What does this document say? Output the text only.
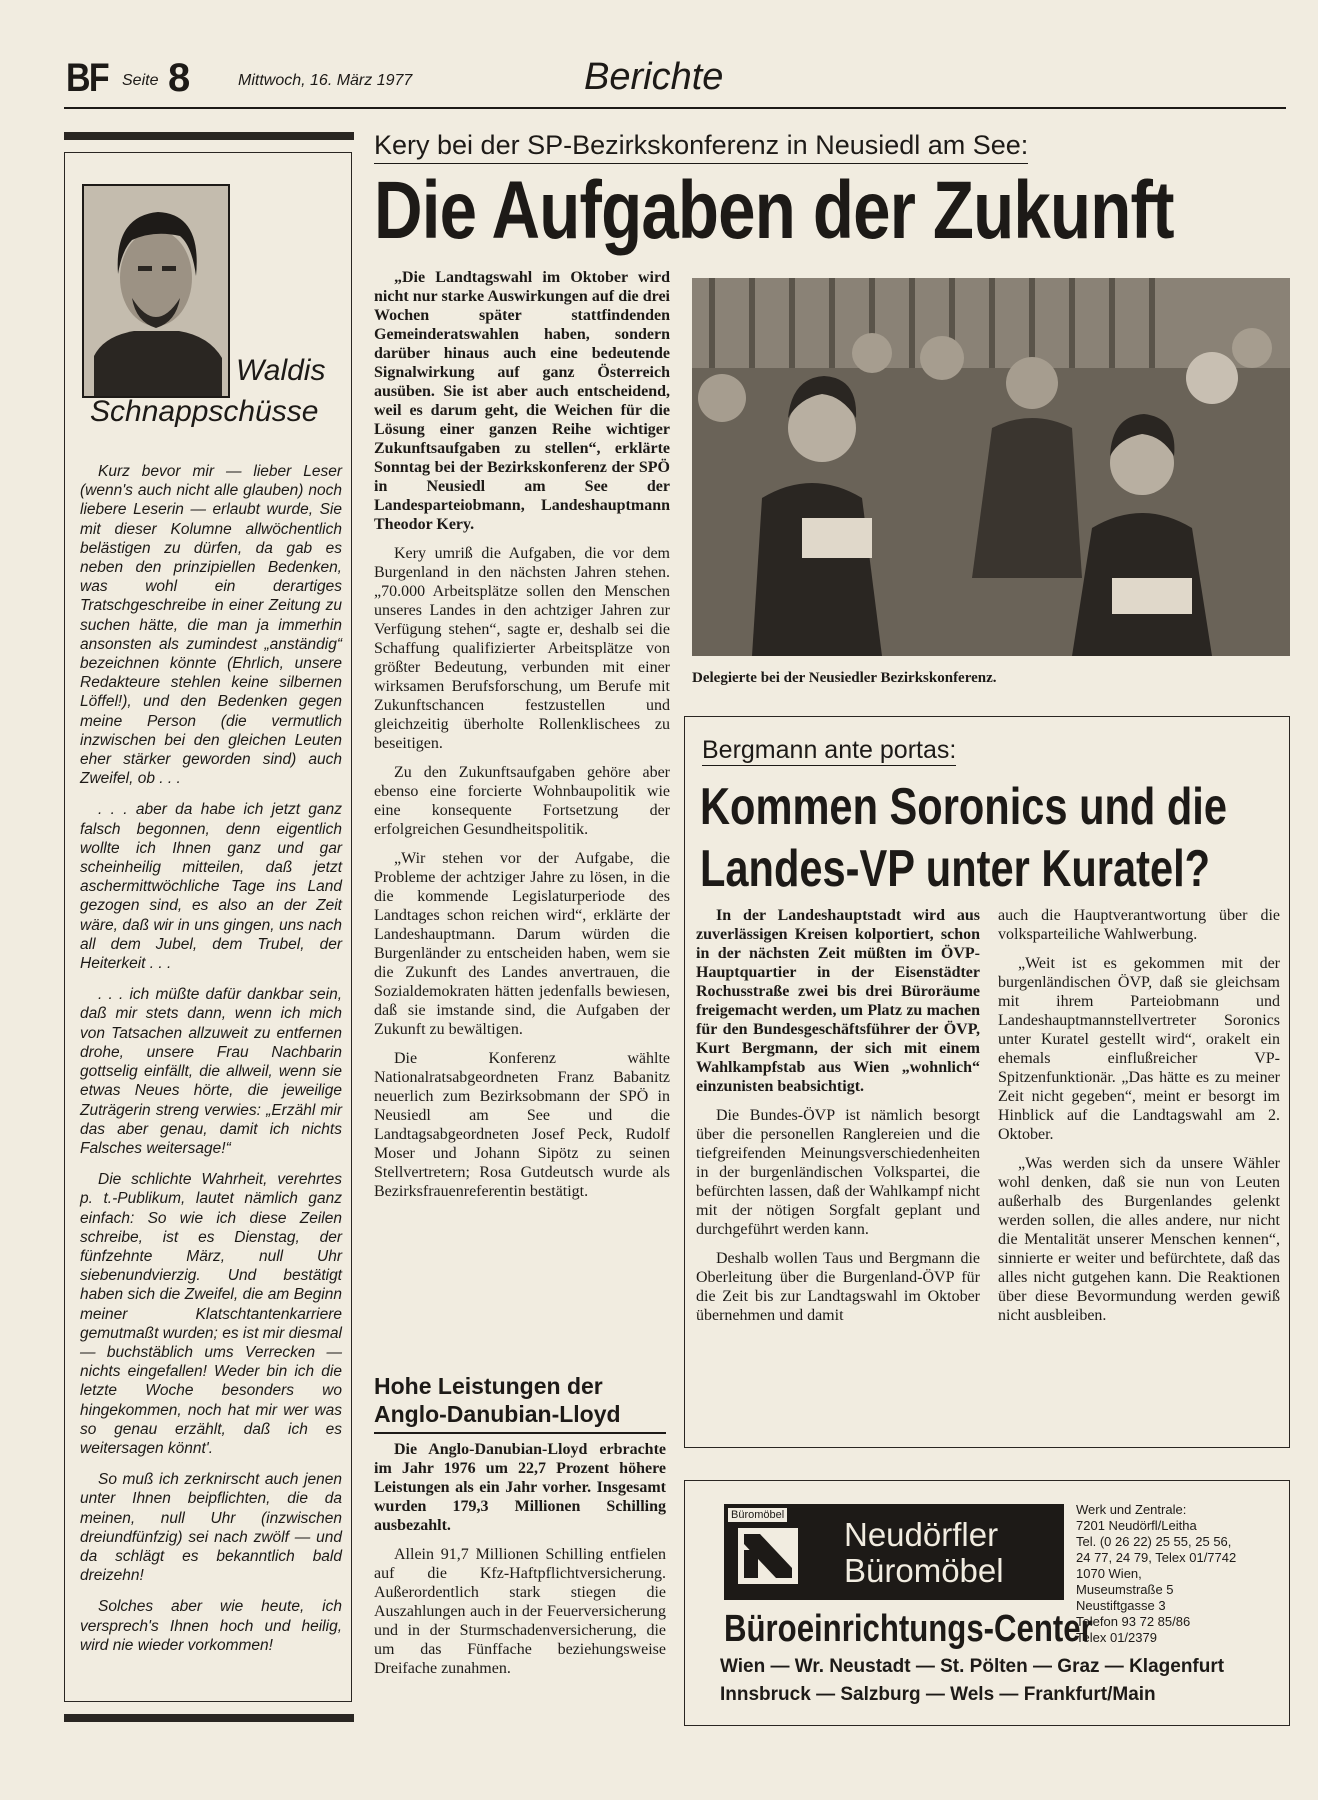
BF Seite 8	Mittwoch, 16. März 1977	Berichte
Waldis
Schnappschüsse

Kurz bevor mir — lieber Leser (wenn's auch nicht alle glauben) noch liebere Leserin — erlaubt wurde, Sie mit dieser Kolumne allwöchentlich belästigen zu dürfen, da gab es neben den prinzipiellen Bedenken, was wohl ein derartiges Tratschgeschreibe in einer Zeitung zu suchen hätte, die man ja immerhin ansonsten als zumindest „anständig“ bezeichnen könnte (Ehrlich, unsere Redakteure stehlen keine silbernen Löffel!), und den Bedenken gegen meine Person (die vermutlich inzwischen bei den gleichen Leuten eher stärker geworden sind) auch Zweifel, ob . . .

. . . aber da habe ich jetzt ganz falsch begonnen, denn eigentlich wollte ich Ihnen ganz und gar scheinheilig mitteilen, daß jetzt aschermittwöchliche Tage ins Land gezogen sind, es also an der Zeit wäre, daß wir in uns gingen, uns nach all dem Jubel, dem Trubel, der Heiterkeit . . .

. . . ich müßte dafür dankbar sein, daß mir stets dann, wenn ich mich von Tatsachen allzuweit zu entfernen drohe, unsere Frau Nachbarin gottselig einfällt, die allweil, wenn sie etwas Neues hörte, die jeweilige Zuträgerin streng verwies: „Erzähl mir das aber genau, damit ich nichts Falsches weitersage!“

Die schlichte Wahrheit, verehrtes p. t.-Publikum, lautet nämlich ganz einfach: So wie ich diese Zeilen schreibe, ist es Dienstag, der fünfzehnte März, null Uhr siebenundvierzig. Und bestätigt haben sich die Zweifel, die am Beginn meiner Klatschtantenkarriere gemutmaßt wurden; es ist mir diesmal — buchstäblich ums Verrecken — nichts eingefallen! Weder bin ich die letzte Woche besonders wo hingekommen, noch hat mir wer was so genau erzählt, daß ich es weitersagen könnt'.

So muß ich zerknirscht auch jenen unter Ihnen beipflichten, die da meinen, null Uhr (inzwischen dreiundfünfzig) sei nach zwölf — und da schlägt es bekanntlich bald dreizehn!

Solches aber wie heute, ich versprech's Ihnen hoch und heilig, wird nie wieder vorkommen!

Kery bei der SP-Bezirkskonferenz in Neusiedl am See:
Die Aufgaben der Zukunft

„Die Landtagswahl im Oktober wird nicht nur starke Auswirkungen auf die drei Wochen später stattfindenden Gemeinderatswahlen haben, sondern darüber hinaus auch eine bedeutende Signalwirkung auf ganz Österreich ausüben. Sie ist aber auch entscheidend, weil es darum geht, die Weichen für die Lösung einer ganzen Reihe wichtiger Zukunftsaufgaben zu stellen“, erklärte Sonntag bei der Bezirkskonferenz der SPÖ in Neusiedl am See der Landesparteiobmann, Landeshauptmann Theodor Kery.

Kery umriß die Aufgaben, die vor dem Burgenland in den nächsten Jahren stehen. „70.000 Arbeitsplätze sollen den Menschen unseres Landes in den achtziger Jahren zur Verfügung stehen“, sagte er, deshalb sei die Schaffung qualifizierter Arbeitsplätze von größter Bedeutung, verbunden mit einer wirksamen Berufsforschung, um Berufe mit Zukunftschancen festzustellen und gleichzeitig überholte Rollenklischees zu beseitigen.

Zu den Zukunftsaufgaben gehöre aber ebenso eine forcierte Wohnbaupolitik wie eine konsequente Fortsetzung der erfolgreichen Gesundheitspolitik.

„Wir stehen vor der Aufgabe, die Probleme der achtziger Jahre zu lösen, in die die kommende Legislaturperiode des Landtages schon reichen wird“, erklärte der Landeshauptmann. Darum würden die Burgenländer zu entscheiden haben, wem sie die Zukunft des Landes anvertrauen, die Sozialdemokraten hätten jedenfalls bewiesen, daß sie imstande sind, die Aufgaben der Zukunft zu bewältigen.

Die Konferenz wählte Nationalratsabgeordneten Franz Babanitz neuerlich zum Bezirksobmann der SPÖ in Neusiedl am See und die Landtagsabgeordneten Josef Peck, Rudolf Moser und Johann Sipötz zu seinen Stellvertretern; Rosa Gutdeutsch wurde als Bezirksfrauenreferentin bestätigt.

Delegierte bei der Neusiedler Bezirkskonferenz.
Bergmann ante portas:
Kommen Soronics und die
Landes-VP unter Kuratel?

In der Landeshauptstadt wird aus zuverlässigen Kreisen kolportiert, schon in der nächsten Zeit müßten im ÖVP-Hauptquartier in der Eisenstädter Rochusstraße zwei bis drei Büroräume freigemacht werden, um Platz zu machen für den Bundesgeschäftsführer der ÖVP, Kurt Bergmann, der sich mit einem Wahlkampfstab aus Wien „wohnlich“ einzunisten beabsichtigt.

Die Bundes-ÖVP ist nämlich besorgt über die personellen Ranglereien und die tiefgreifenden Meinungsverschiedenheiten in der burgenländischen Volkspartei, die befürchten lassen, daß der Wahlkampf nicht mit der nötigen Sorgfalt geplant und durchgeführt werden kann.

Deshalb wollen Taus und Bergmann die Oberleitung über die Burgenland-ÖVP für die Zeit bis zur Landtagswahl im Oktober übernehmen und damit

auch die Hauptverantwortung über die volksparteiliche Wahlwerbung.

„Weit ist es gekommen mit der burgenländischen ÖVP, daß sie gleichsam mit ihrem Parteiobmann und Landeshauptmannstellvertreter Soronics unter Kuratel gestellt wird“, orakelt ein ehemals einflußreicher VP-Spitzenfunktionär. „Das hätte es zu meiner Zeit nicht gegeben“, meint er besorgt im Hinblick auf die Landtagswahl am 2. Oktober.

„Was werden sich da unsere Wähler wohl denken, daß sie nun von Leuten außerhalb des Burgenlandes gelenkt werden sollen, die alles andere, nur nicht die Mentalität unserer Menschen kennen“, sinnierte er weiter und befürchtete, daß das alles nicht gutgehen kann. Die Reaktionen über diese Bevormundung werden gewiß nicht ausbleiben.

Hohe Leistungen der
Anglo-Danubian-Lloyd

Die Anglo-Danubian-Lloyd erbrachte im Jahr 1976 um 22,7 Prozent höhere Leistungen als ein Jahr vorher. Insgesamt wurden 179,3 Millionen Schilling ausbezahlt.

Allein 91,7 Millionen Schilling entfielen auf die Kfz-Haftpflichtversicherung. Außerordentlich stark stiegen die Auszahlungen auch in der Feuerversicherung und in der Sturmschadenversicherung, die um das Fünffache beziehungsweise Dreifache zunahmen.

Büromöbel
Neudörfler
Büromöbel
Werk und Zentrale:
7201 Neudörfl/Leitha
Tel. (0 26 22) 25 55, 25 56,
24 77, 24 79, Telex 01/7742
1070 Wien,
Museumstraße 5
Neustiftgasse 3
Telefon 93 72 85/86
Telex 01/2379
Büroeinrichtungs-Center
Wien — Wr. Neustadt — St. Pölten — Graz — Klagenfurt
Innsbruck — Salzburg — Wels — Frankfurt/Main
